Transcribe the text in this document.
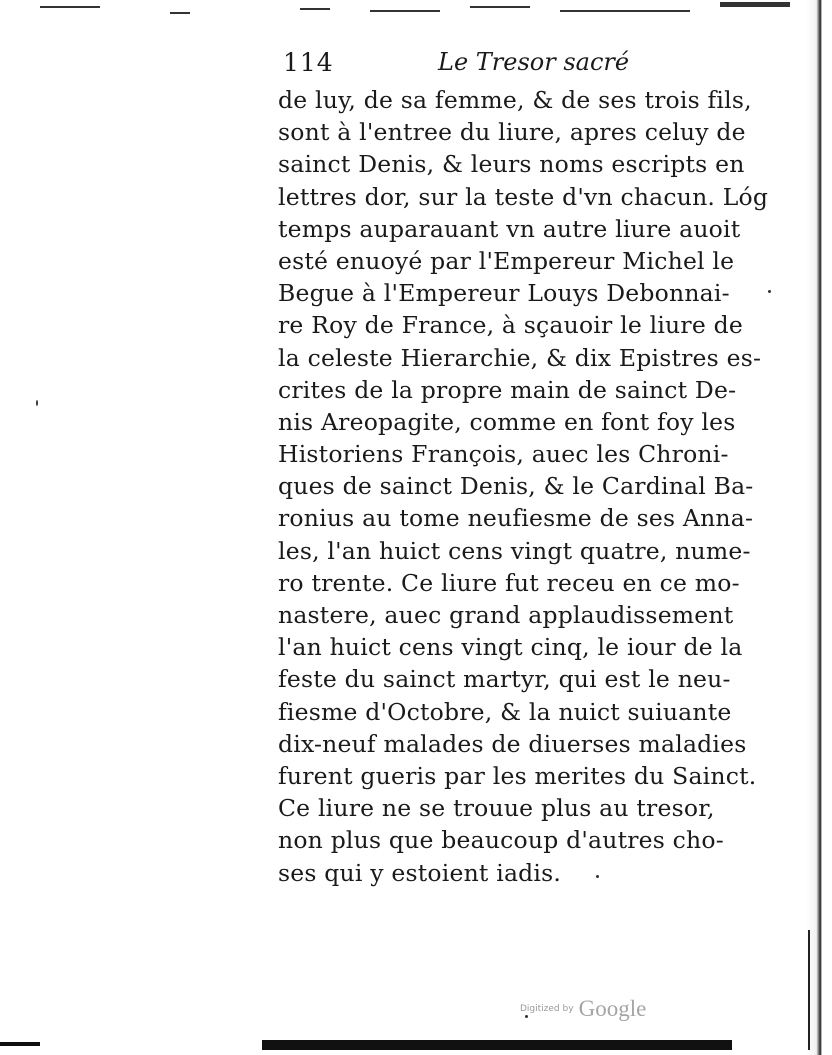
114	Le Tresor sacré
de luy, de sa femme, & de ses trois fils,
sont à l'entree du liure, apres celuy de
sainct Denis, & leurs noms escripts en
lettres dor, sur la teste d'vn chacun. Lóg
temps auparauant vn autre liure auoit
esté enuoyé par l'Empereur Michel le
Begue à l'Empereur Louys Debonnai-
re Roy de France, à sçauoir le liure de
la celeste Hierarchie, & dix Epistres es-
crites de la propre main de sainct De-
nis Areopagite, comme en font foy les
Historiens François, auec les Chroni-
ques de sainct Denis, & le Cardinal Ba-
ronius au tome neufiesme de ses Anna-
les, l'an huict cens vingt quatre, nume-
ro trente. Ce liure fut receu en ce mo-
nastere, auec grand applaudissement
l'an huict cens vingt cinq, le iour de la
feste du sainct martyr, qui est le neu-
fiesme d'Octobre, & la nuict suiuante
dix-neuf malades de diuerses maladies
furent gueris par les merites du Sainct.
Ce liure ne se trouue plus au tresor,
non plus que beaucoup d'autres cho-
ses qui y estoient iadis.
Digitized by Google
